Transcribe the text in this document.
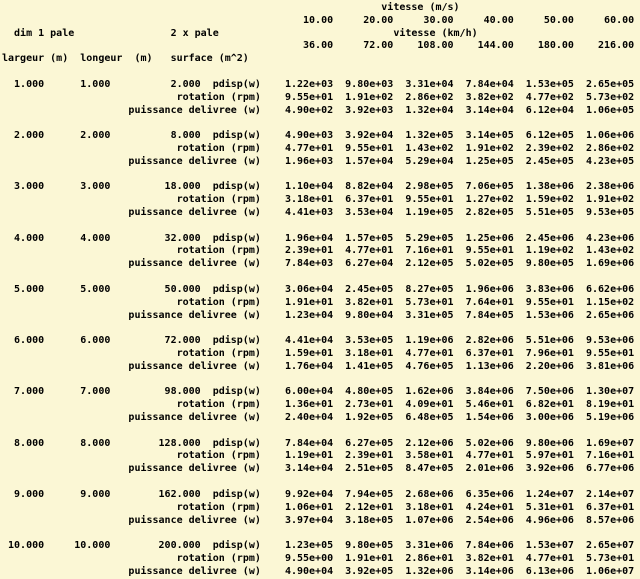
vitesse (m/s)
10.00	20.00	30.00	40.00	50.00	60.00
dim 1 pale	2 x pale	vitesse (km/h)
36.00	72.00 108.00 144.00 180.00 216.00
largeur (m) longeur (m) surface (m^2)
1.000	1.000	2.000 pdisp(w) 1.22e+03 9.80e+03 3.31e+04 7.84e+04 1.53e+05 2.65e+05
rotation (rpm) 9.55e+01 1.91e+02 2.86e+02 3.82e+02 4.77e+02 5.73e+02
puissance delivree (w) 4.90e+02 3.92e+03 1.32e+04 3.14e+04 6.12e+04 1.06e+05
2.000	2.000	8.000 pdisp(w) 4.90e+03 3.92e+04 1.32e+05 3.14e+05 6.12e+05 1.06e+06
rotation (rpm) 4.77e+01 9.55e+01 1.43e+02 1.91e+02 2.39e+02 2.86e+02
puissance delivree (w) 1.96e+03 1.57e+04 5.29e+04 1.25e+05 2.45e+05 4.23e+05
3.000	3.000	18.000 pdisp(w) 1.10e+04 8.82e+04 2.98e+05 7.06e+05 1.38e+06 2.38e+06
rotation (rpm) 3.18e+01 6.37e+01 9.55e+01 1.27e+02 1.59e+02 1.91e+02
puissance delivree (w) 4.41e+03 3.53e+04 1.19e+05 2.82e+05 5.51e+05 9.53e+05
4.000	4.000	32.000 pdisp(w) 1.96e+04 1.57e+05 5.29e+05 1.25e+06 2.45e+06 4.23e+06
rotation (rpm) 2.39e+01 4.77e+01 7.16e+01 9.55e+01 1.19e+02 1.43e+02
puissance delivree (w) 7.84e+03 6.27e+04 2.12e+05 5.02e+05 9.80e+05 1.69e+06
5.000	5.000	50.000 pdisp(w) 3.06e+04 2.45e+05 8.27e+05 1.96e+06 3.83e+06 6.62e+06
rotation (rpm) 1.91e+01 3.82e+01 5.73e+01 7.64e+01 9.55e+01 1.15e+02
puissance delivree (w) 1.23e+04 9.80e+04 3.31e+05 7.84e+05 1.53e+06 2.65e+06
6.000	6.000	72.000 pdisp(w) 4.41e+04 3.53e+05 1.19e+06 2.82e+06 5.51e+06 9.53e+06
rotation (rpm) 1.59e+01 3.18e+01 4.77e+01 6.37e+01 7.96e+01 9.55e+01
puissance delivree (w) 1.76e+04 1.41e+05 4.76e+05 1.13e+06 2.20e+06 3.81e+06
7.000	7.000	98.000 pdisp(w) 6.00e+04 4.80e+05 1.62e+06 3.84e+06 7.50e+06 1.30e+07
rotation (rpm) 1.36e+01 2.73e+01 4.09e+01 5.46e+01 6.82e+01 8.19e+01
puissance delivree (w) 2.40e+04 1.92e+05 6.48e+05 1.54e+06 3.00e+06 5.19e+06
8.000	8.000	128.000 pdisp(w) 7.84e+04 6.27e+05 2.12e+06 5.02e+06 9.80e+06 1.69e+07
rotation (rpm) 1.19e+01 2.39e+01 3.58e+01 4.77e+01 5.97e+01 7.16e+01
puissance delivree (w) 3.14e+04 2.51e+05 8.47e+05 2.01e+06 3.92e+06 6.77e+06
9.000	9.000	162.000 pdisp(w) 9.92e+04 7.94e+05 2.68e+06 6.35e+06 1.24e+07 2.14e+07
rotation (rpm) 1.06e+01 2.12e+01 3.18e+01 4.24e+01 5.31e+01 6.37e+01
puissance delivree (w) 3.97e+04 3.18e+05 1.07e+06 2.54e+06 4.96e+06 8.57e+06
10.000	10.000	200.000 pdisp(w) 1.23e+05 9.80e+05 3.31e+06 7.84e+06 1.53e+07 2.65e+07
rotation (rpm) 9.55e+00 1.91e+01 2.86e+01 3.82e+01 4.77e+01 5.73e+01
puissance delivree (w) 4.90e+04 3.92e+05 1.32e+06 3.14e+06 6.13e+06 1.06e+07
